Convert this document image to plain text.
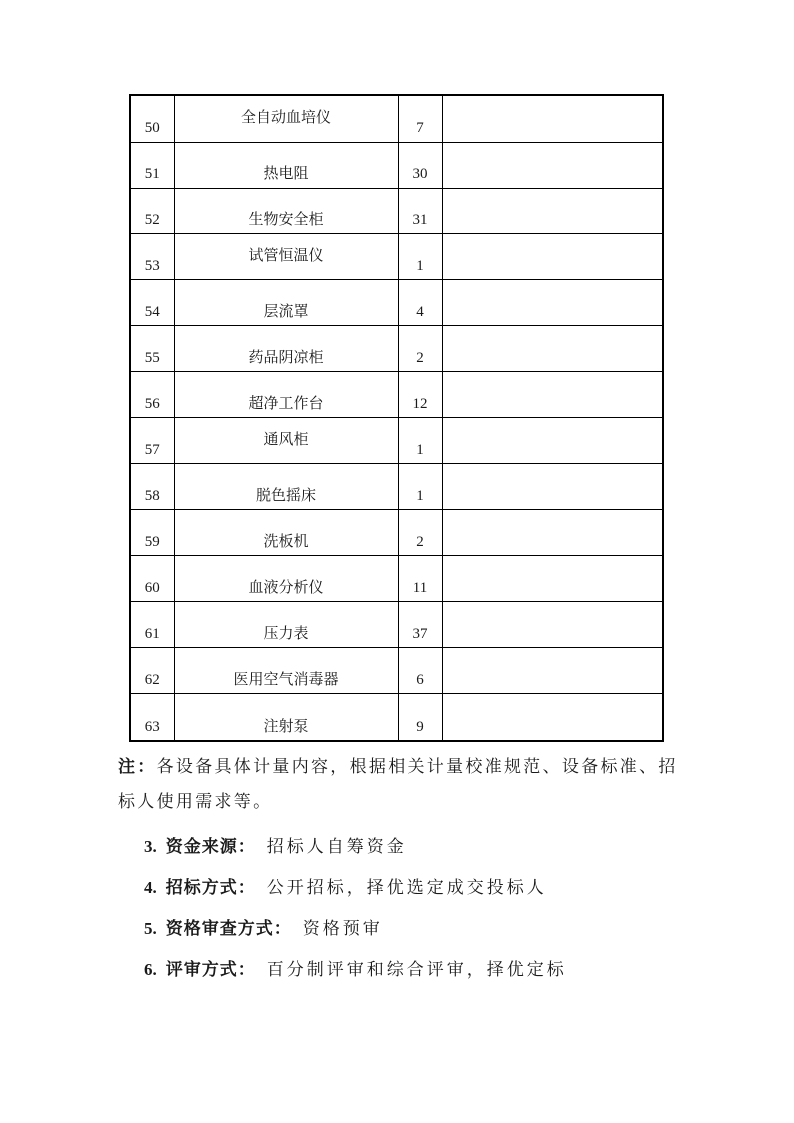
50	全自动血培仪	7	
51	热电阻	30	
52	生物安全柜	31	
53	试管恒温仪	1	
54	层流罩	4	
55	药品阴凉柜	2	
56	超净工作台	12	
57	通风柜	1	
58	脱色摇床	1	
59	洗板机	2	
60	血液分析仪	11	
61	压力表	37	
62	医用空气消毒器	6	
63	注射泵	9	
注：各设备具体计量内容，根据相关计量校准规范、设备标准、招
标人使用需求等。
3. 资金来源： 招标人自筹资金
4. 招标方式： 公开招标，择优选定成交投标人
5. 资格审查方式： 资格预审
6. 评审方式： 百分制评审和综合评审，择优定标
